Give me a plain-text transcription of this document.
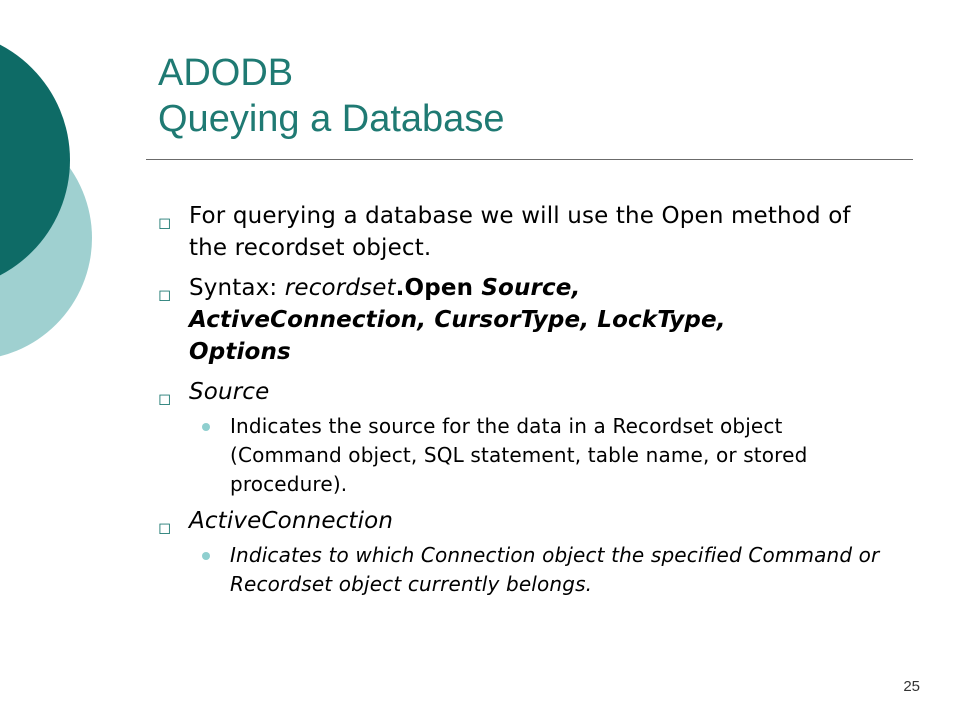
ADODB
Queying a Database
◻ For querying a database we will use the Open method of the recordset object.
◻ Syntax: recordset.Open Source,
ActiveConnection, CursorType, LockType,
Options
◻ Source
Indicates the source for the data in a Recordset object (Command object, SQL statement, table name, or stored procedure).
◻ ActiveConnection
Indicates to which Connection object the specified Command or Recordset object currently belongs.
25
